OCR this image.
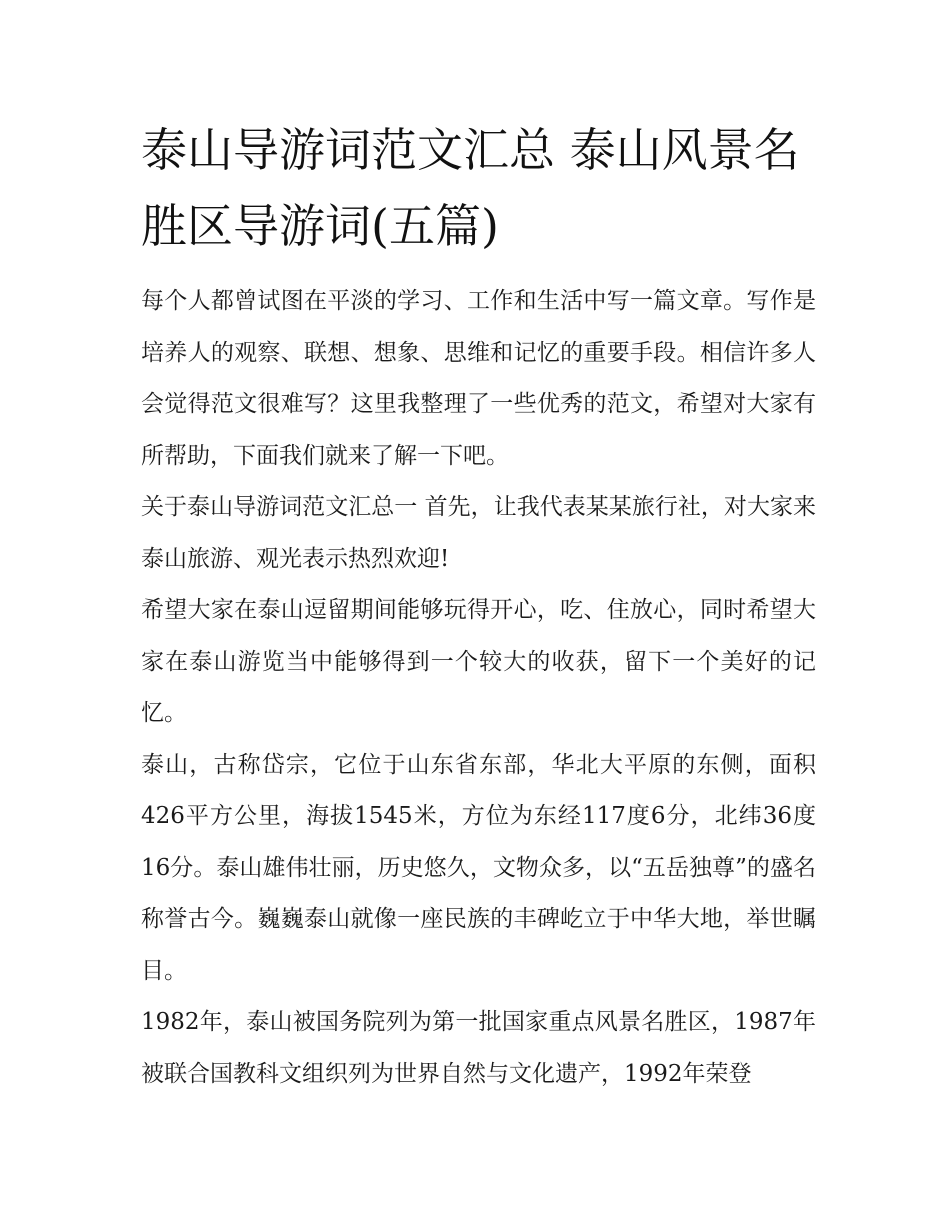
泰山导游词范文汇总 泰山风景名胜区导游词(五篇)

每个人都曾试图在平淡的学习、工作和生活中写一篇文章。写作是培养人的观察、联想、想象、思维和记忆的重要手段。相信许多人会觉得范文很难写？这里我整理了一些优秀的范文，希望对大家有所帮助，下面我们就来了解一下吧。

关于泰山导游词范文汇总一 首先，让我代表某某旅行社，对大家来泰山旅游、观光表示热烈欢迎!

希望大家在泰山逗留期间能够玩得开心，吃、住放心，同时希望大家在泰山游览当中能够得到一个较大的收获，留下一个美好的记忆。

泰山，古称岱宗，它位于山东省东部，华北大平原的东侧，面积426平方公里，海拔1545米，方位为东经117度6分，北纬36度16分。泰山雄伟壮丽，历史悠久，文物众多，以“五岳独尊”的盛名称誉古今。巍巍泰山就像一座民族的丰碑屹立于中华大地，举世瞩目。

1982年，泰山被国务院列为第一批国家重点风景名胜区，1987年被联合国教科文组织列为世界自然与文化遗产，1992年荣登
